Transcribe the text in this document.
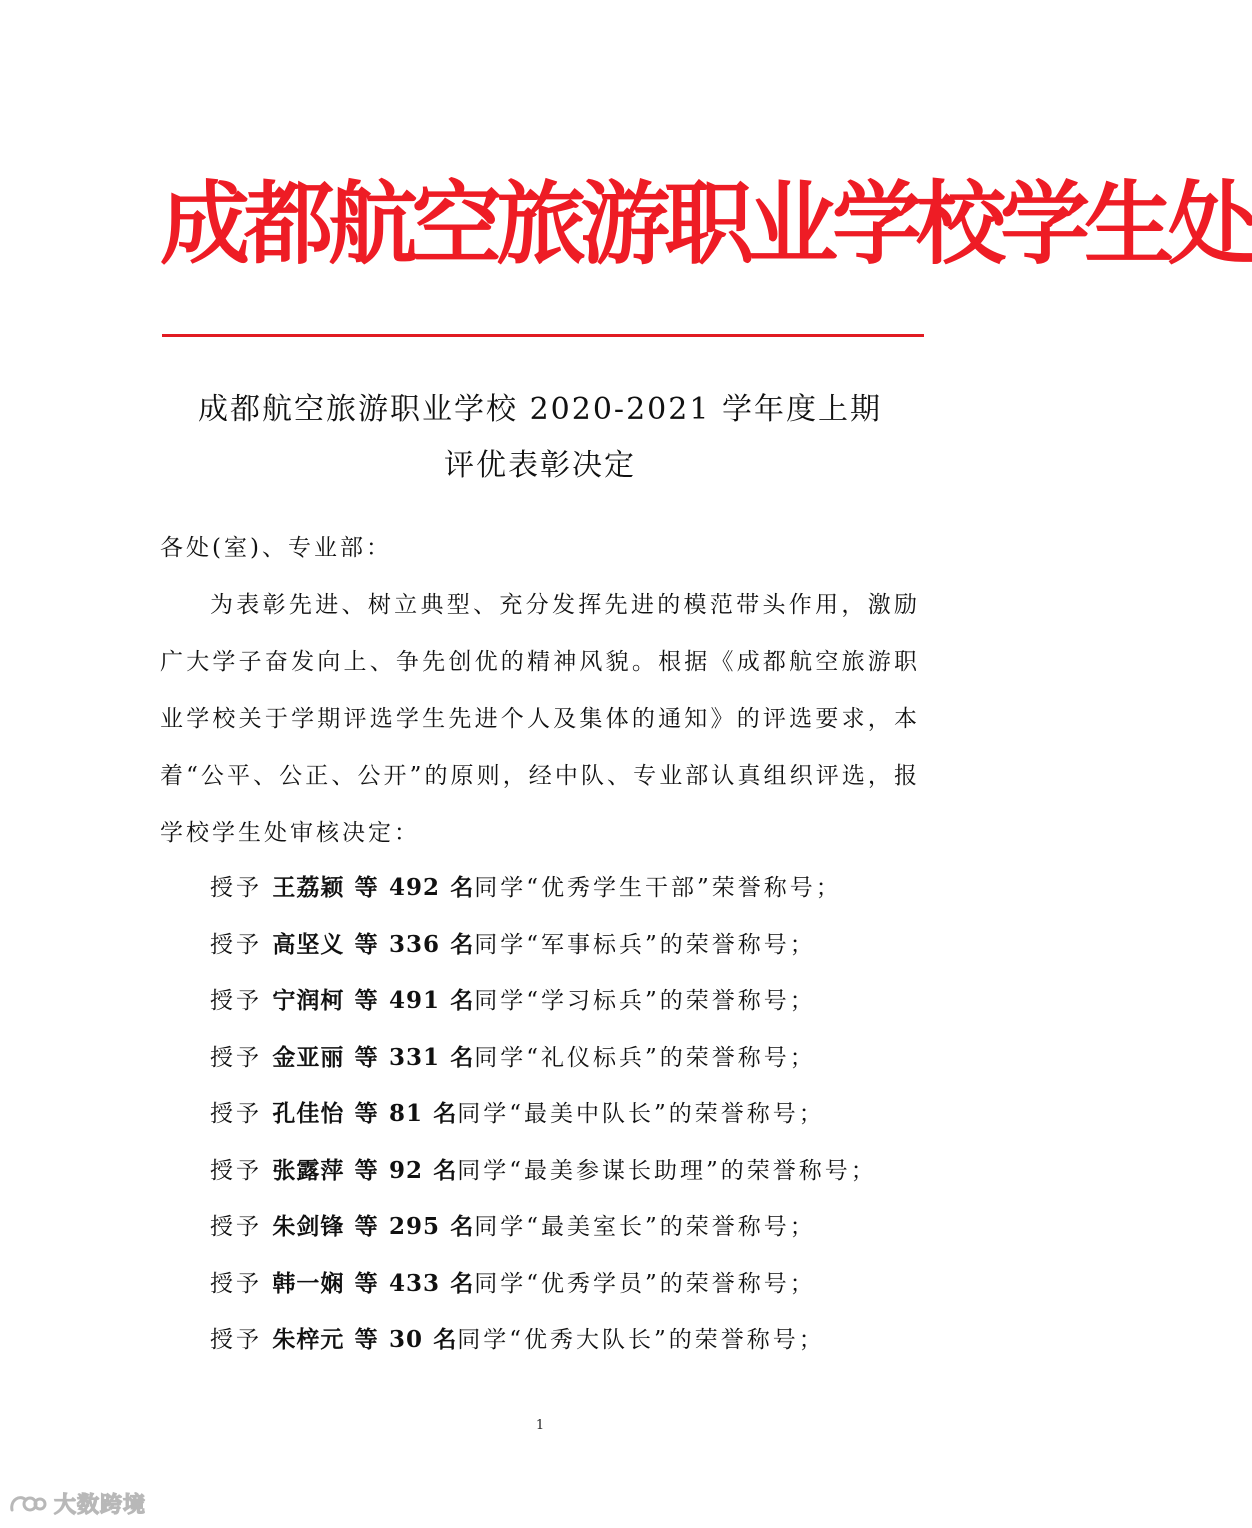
成都航空旅游职业学校学生处
成都航空旅游职业学校 2020-2021 学年度上期
评优表彰决定
各处(室)、专业部：
为表彰先进、树立典型、充分发挥先进的模范带头作用，激励广大学子奋发向上、争先创优的精神风貌。根据《成都航空旅游职业学校关于学期评选学生先进个人及集体的通知》的评选要求，本着“公平、公正、公开”的原则，经中队、专业部认真组织评选，报学校学生处审核决定：
授予 王荔颖 等 492 名同学“优秀学生干部”荣誉称号；
授予 高坚义 等 336 名同学“军事标兵”的荣誉称号；
授予 宁润柯 等 491 名同学“学习标兵”的荣誉称号；
授予 金亚丽 等 331 名同学“礼仪标兵”的荣誉称号；
授予 孔佳怡 等 81 名同学“最美中队长”的荣誉称号；
授予 张露萍 等 92 名同学“最美参谋长助理”的荣誉称号；
授予 朱剑锋 等 295 名同学“最美室长”的荣誉称号；
授予 韩一娴 等 433 名同学“优秀学员”的荣誉称号；
授予 朱梓元 等 30 名同学“优秀大队长”的荣誉称号；
1
大数跨境
